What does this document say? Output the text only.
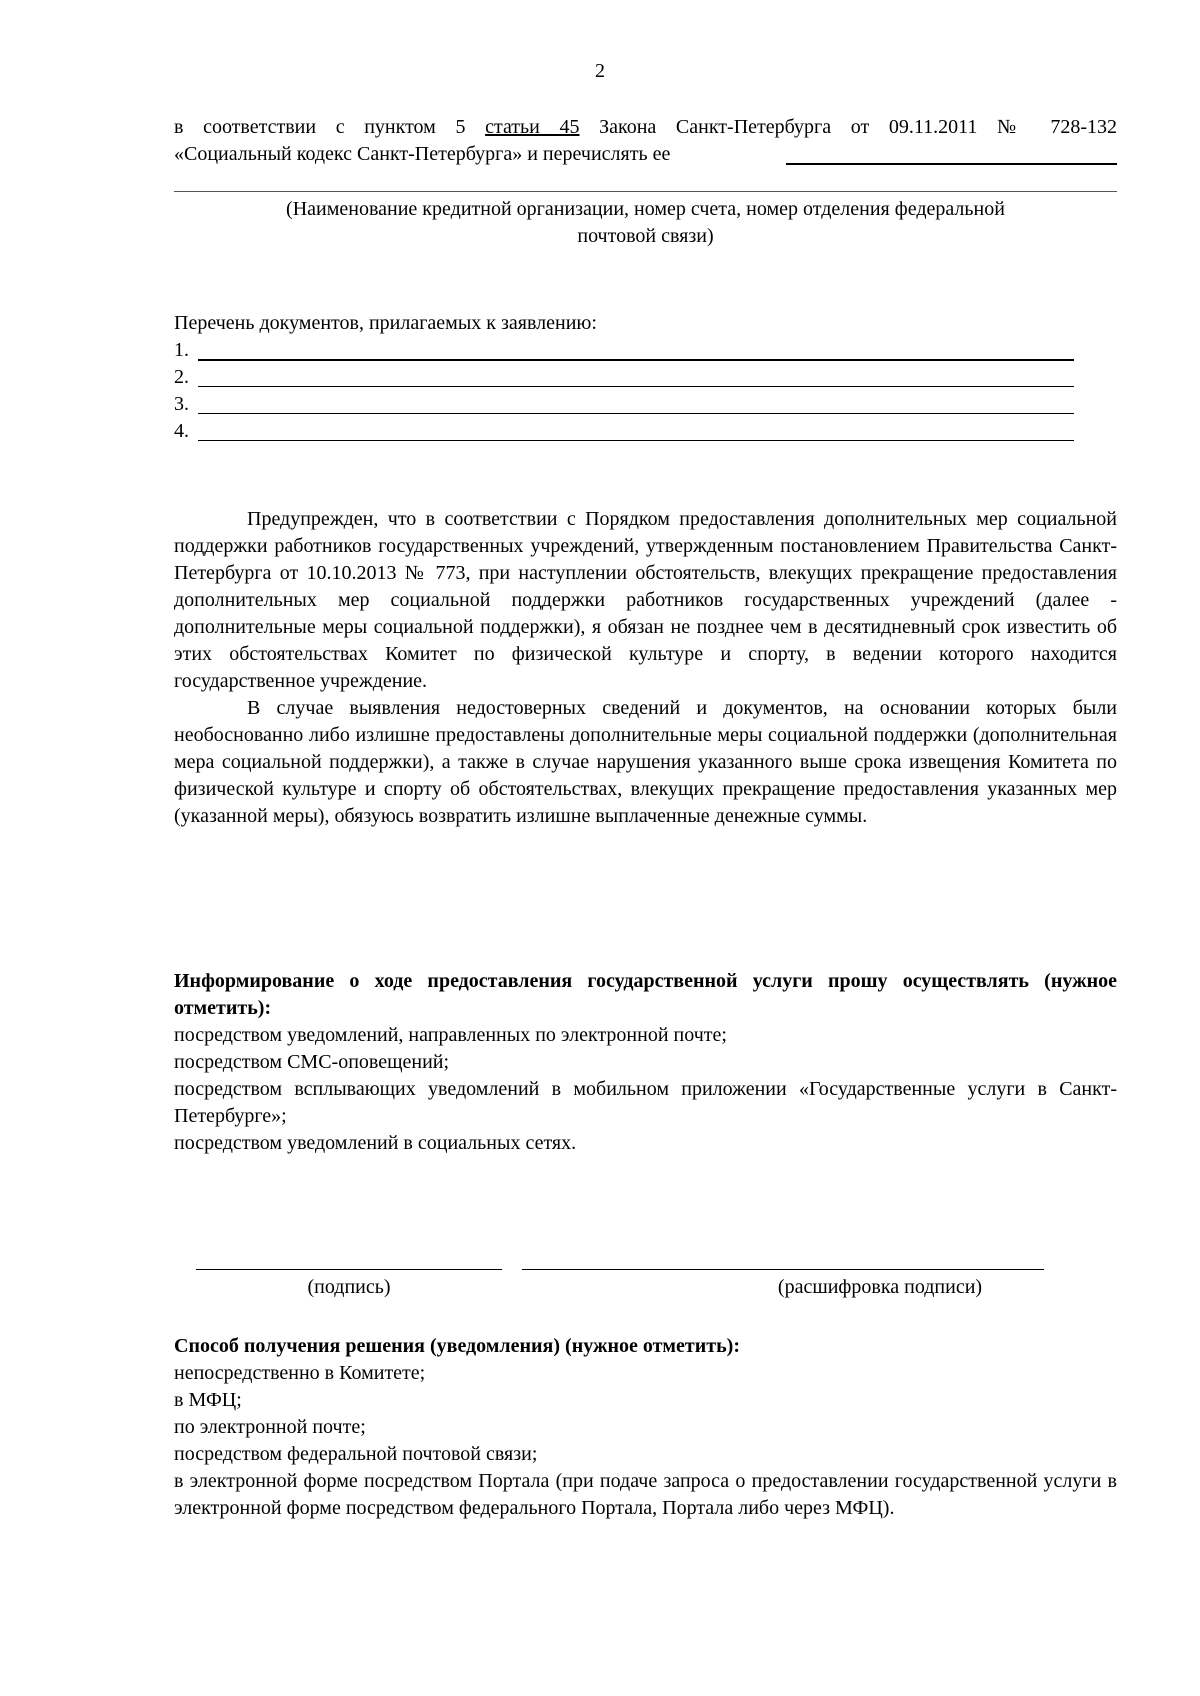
2
в соответствии с пунктом 5 статьи 45 Закона Санкт-Петербурга от 09.11.2011 № 728-132
«Социальный кодекс Санкт-Петербурга» и перечислять ее
(Наименование кредитной организации, номер счета, номер отделения федеральной
почтовой связи)
Перечень документов, прилагаемых к заявлению:
1.
2.
3.
4.

Предупрежден, что в соответствии с Порядком предоставления дополнительных мер социальной поддержки работников государственных учреждений, утвержденным постановлением Правительства Санкт-Петербурга от 10.10.2013 № 773, при наступлении обстоятельств, влекущих прекращение предоставления дополнительных мер социальной поддержки работников государственных учреждений (далее - дополнительные меры социальной поддержки), я обязан не позднее чем в десятидневный срок известить об этих обстоятельствах Комитет по физической культуре и спорту, в ведении которого находится государственное учреждение.

В случае выявления недостоверных сведений и документов, на основании которых были необоснованно либо излишне предоставлены дополнительные меры социальной поддержки (дополнительная мера социальной поддержки), а также в случае нарушения указанного выше срока извещения Комитета по физической культуре и спорту об обстоятельствах, влекущих прекращение предоставления указанных мер (указанной меры), обязуюсь возвратить излишне выплаченные денежные суммы.

Информирование о ходе предоставления государственной услуги прошу осуществлять (нужное отметить):

посредством уведомлений, направленных по электронной почте;

посредством СМС-оповещений;

посредством всплывающих уведомлений в мобильном приложении «Государственные услуги в Санкт-Петербурге»;

посредством уведомлений в социальных сетях.

(подпись)	(расшифровка подписи)

Способ получения решения (уведомления) (нужное отметить):

непосредственно в Комитете;

в МФЦ;

по электронной почте;

посредством федеральной почтовой связи;

в электронной форме посредством Портала (при подаче запроса о предоставлении государственной услуги в электронной форме посредством федерального Портала, Портала либо через МФЦ).
